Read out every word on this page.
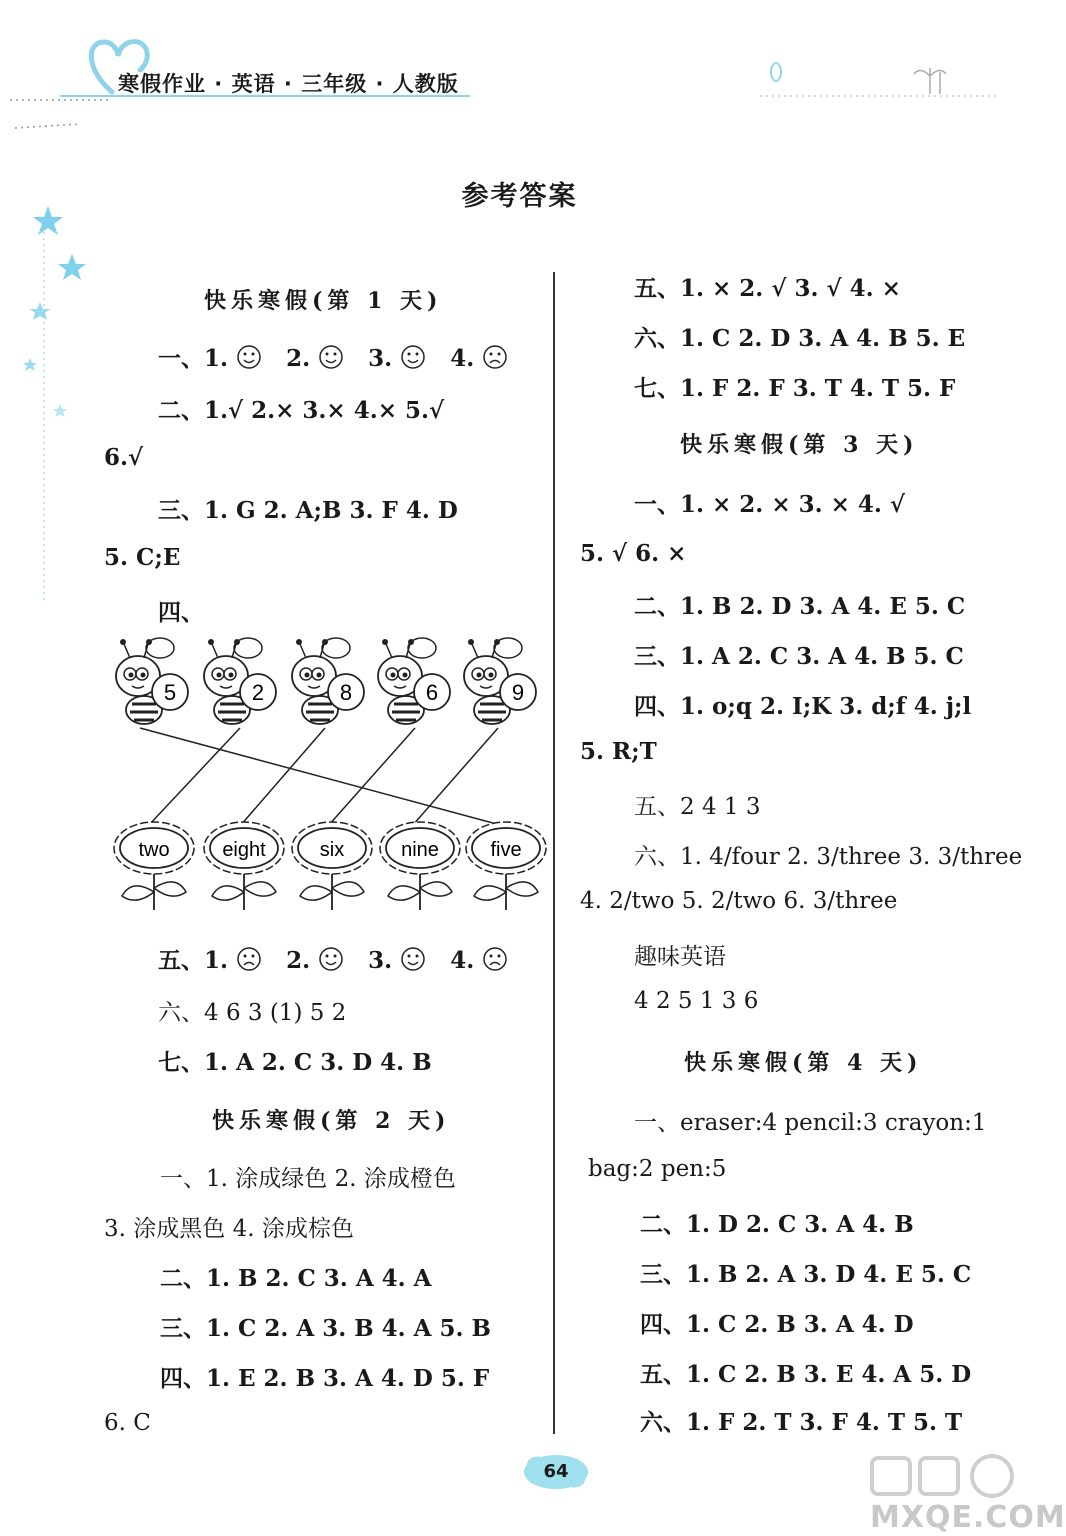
寒假作业 · 英语 · 三年级 · 人教版
参考答案
快乐寒假(第 1 天)
一、1.	2.	3.	4.
二、1.√ 2.× 3.× 4.× 5.√
6.√
三、1. G 2. A;B 3. F 4. D
5. C;E
四、
5	2	8	6	9
two	eight	six	nine	five
五、1.	2.	3.	4.
六、4 6 3 (1) 5 2
七、1. A 2. C 3. D 4. B
快乐寒假(第 2 天)
一、1. 涂成绿色 2. 涂成橙色
3. 涂成黑色 4. 涂成棕色
二、1. B 2. C 3. A 4. A
三、1. C 2. A 3. B 4. A 5. B
四、1. E 2. B 3. A 4. D 5. F
6. C
五、1. × 2. √ 3. √ 4. ×
六、1. C 2. D 3. A 4. B 5. E
七、1. F 2. F 3. T 4. T 5. F
快乐寒假(第 3 天)
一、1. × 2. × 3. × 4. √
5. √ 6. ×
二、1. B 2. D 3. A 4. E 5. C
三、1. A 2. C 3. A 4. B 5. C
四、1. o;q 2. I;K 3. d;f 4. j;l
5. R;T
五、2 4 1 3
六、1. 4/four 2. 3/three 3. 3/three
4. 2/two 5. 2/two 6. 3/three
趣味英语
4 2 5 1 3 6
快乐寒假(第 4 天)
一、eraser:4 pencil:3 crayon:1
bag:2 pen:5
二、1. D 2. C 3. A 4. B
三、1. B 2. A 3. D 4. E 5. C
四、1. C 2. B 3. A 4. D
五、1. C 2. B 3. E 4. A 5. D
六、1. F 2. T 3. F 4. T 5. T
64
MXQE.COM
